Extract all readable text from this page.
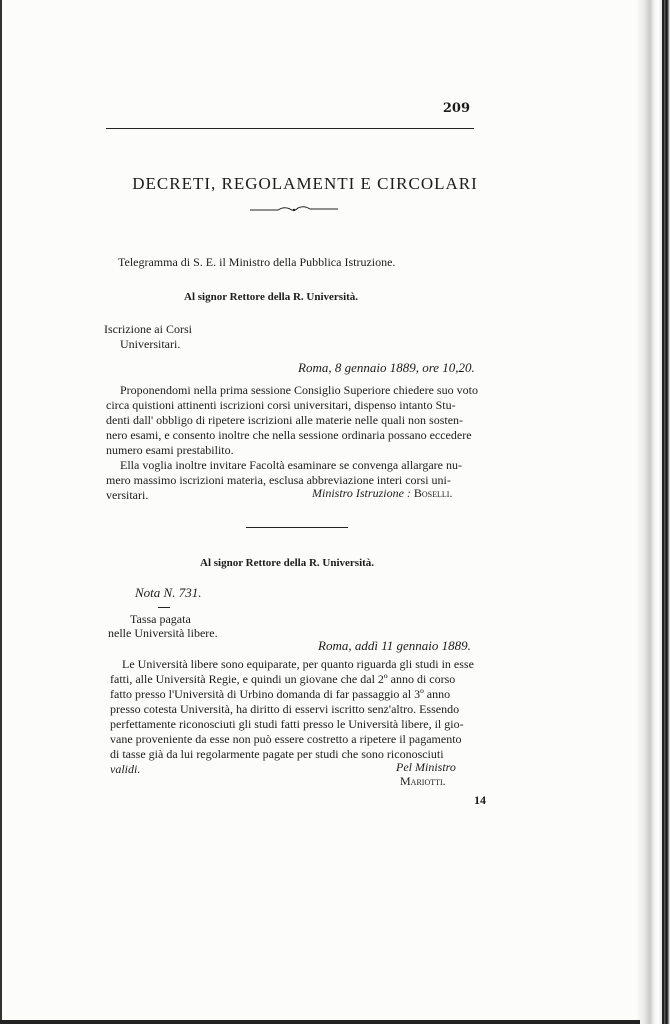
209
DECRETI, REGOLAMENTI E CIRCOLARI
Telegramma di S. E. il Ministro della Pubblica Istruzione.
Al signor Rettore della R. Università.
Iscrizione ai Corsi
Universitari.
Roma, 8 gennaio 1889, ore 10,20.
Proponendomi nella prima sessione Consiglio Superiore chiedere suo voto
circa quistioni attinenti iscrizioni corsi universitari, dispenso intanto Stu-
denti dall' obbligo di ripetere iscrizioni alle materie nelle quali non sosten-
nero esami, e consento inoltre che nella sessione ordinaria possano eccedere
numero esami prestabilito.
Ella voglia inoltre invitare Facoltà esaminare se convenga allargare nu-
mero massimo iscrizioni materia, esclusa abbreviazione interi corsi uni-
versitari.	Ministro Istruzione : Boselli.
Al signor Rettore della R. Università.
Nota N. 731.
Tassa pagata
nelle Università libere.
Roma, addì 11 gennaio 1889.
Le Università libere sono equiparate, per quanto riguarda gli studi in esse
fatti, alle Università Regie, e quindi un giovane che dal 2º anno di corso
fatto presso l'Università di Urbino domanda di far passaggio al 3º anno
presso cotesta Università, ha diritto di esservi iscritto senz'altro. Essendo
perfettamente riconosciuti gli studi fatti presso le Università libere, il gio-
vane proveniente da esse non può essere costretto a ripetere il pagamento
di tasse già da lui regolarmente pagate per studi che sono riconosciuti
validi.	Pel Ministro
Mariotti.
14
